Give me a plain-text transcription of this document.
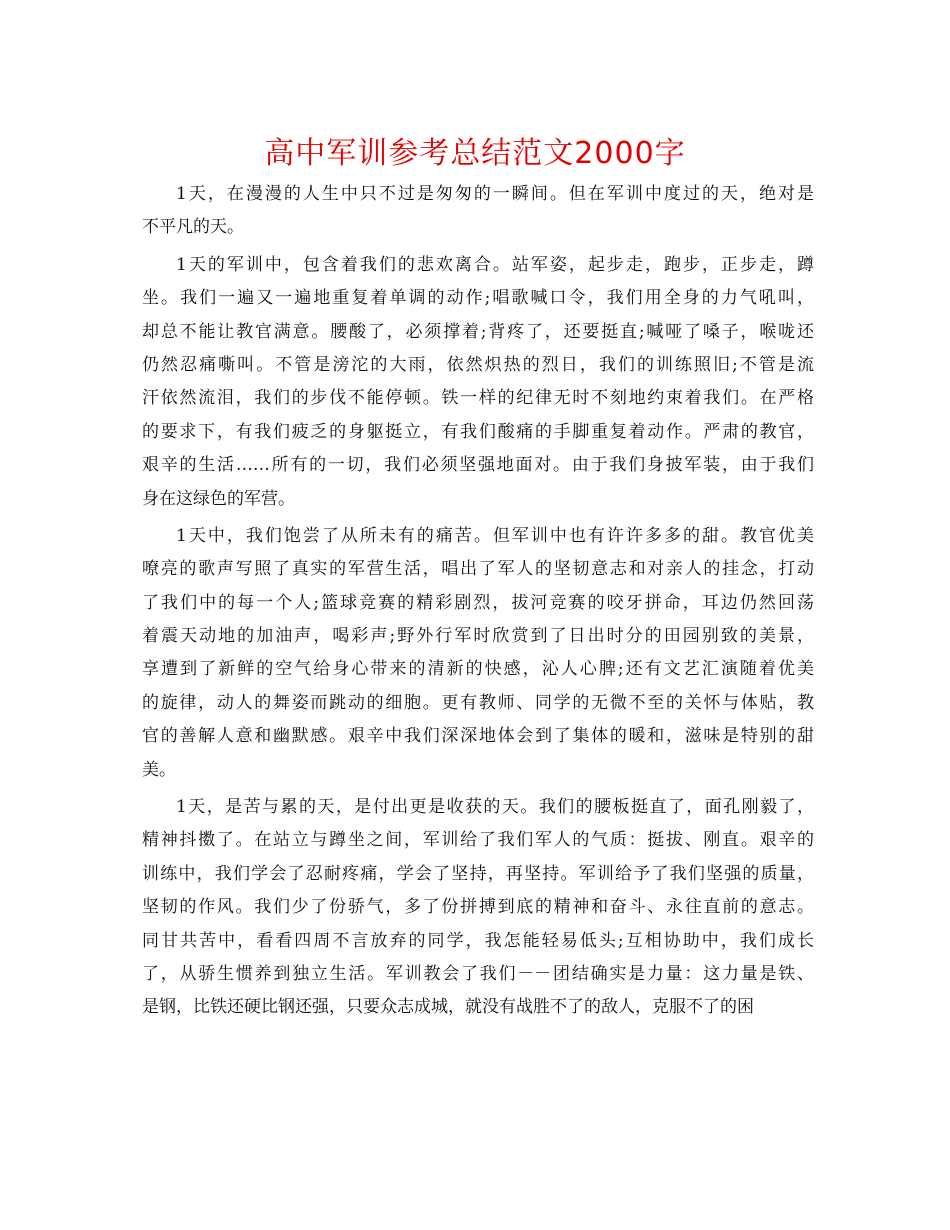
高中军训参考总结范文2000字
1天，在漫漫的人生中只不过是匆匆的一瞬间。但在军训中度过的天，绝对是
不平凡的天。
1天的军训中，包含着我们的悲欢离合。站军姿，起步走，跑步，正步走，蹲
坐。我们一遍又一遍地重复着单调的动作;唱歌喊口令，我们用全身的力气吼叫，
却总不能让教官满意。腰酸了，必须撑着;背疼了，还要挺直;喊哑了嗓子，喉咙还
仍然忍痛嘶叫。不管是滂沱的大雨，依然炽热的烈日，我们的训练照旧;不管是流
汗依然流泪，我们的步伐不能停顿。铁一样的纪律无时不刻地约束着我们。在严格
的要求下，有我们疲乏的身躯挺立，有我们酸痛的手脚重复着动作。严肃的教官，
艰辛的生活……所有的一切，我们必须坚强地面对。由于我们身披军装，由于我们
身在这绿色的军营。
1天中，我们饱尝了从所未有的痛苦。但军训中也有许许多多的甜。教官优美
嘹亮的歌声写照了真实的军营生活，唱出了军人的坚韧意志和对亲人的挂念，打动
了我们中的每一个人;篮球竞赛的精彩剧烈，拔河竞赛的咬牙拼命，耳边仍然回荡
着震天动地的加油声，喝彩声;野外行军时欣赏到了日出时分的田园别致的美景，
享遭到了新鲜的空气给身心带来的清新的快感，沁人心脾;还有文艺汇演随着优美
的旋律，动人的舞姿而跳动的细胞。更有教师、同学的无微不至的关怀与体贴，教
官的善解人意和幽默感。艰辛中我们深深地体会到了集体的暖和，滋味是特别的甜
美。
1天，是苦与累的天，是付出更是收获的天。我们的腰板挺直了，面孔刚毅了，
精神抖擞了。在站立与蹲坐之间，军训给了我们军人的气质：挺拔、刚直。艰辛的
训练中，我们学会了忍耐疼痛，学会了坚持，再坚持。军训给予了我们坚强的质量，
坚韧的作风。我们少了份骄气，多了份拼搏到底的精神和奋斗、永往直前的意志。
同甘共苦中，看看四周不言放弃的同学，我怎能轻易低头;互相协助中，我们成长
了，从骄生惯养到独立生活。军训教会了我们－－团结确实是力量：这力量是铁、
是钢，比铁还硬比钢还强，只要众志成城，就没有战胜不了的敌人，克服不了的困
